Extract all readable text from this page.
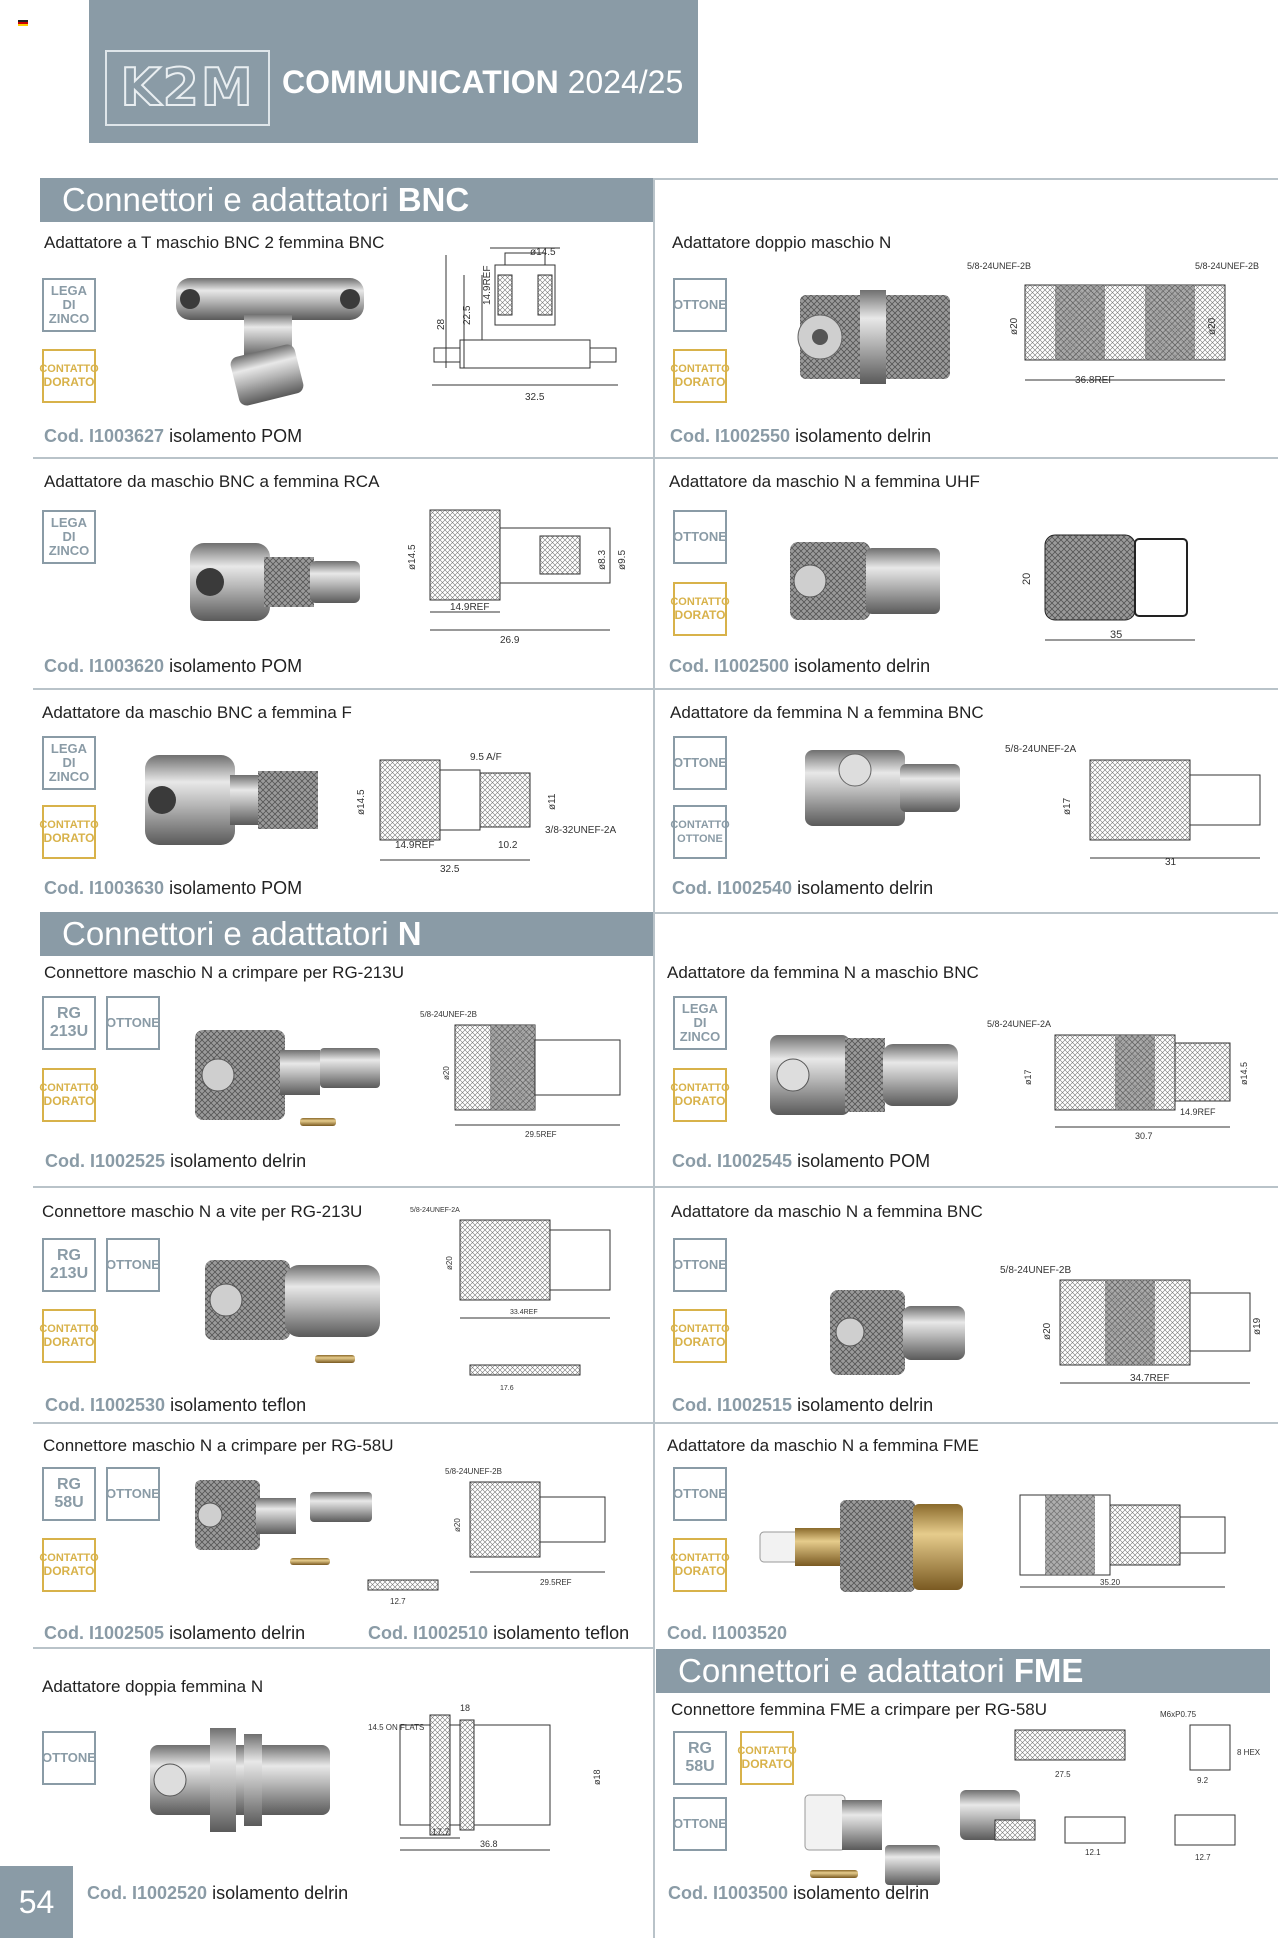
K2M COMMUNICATION 2024/25
Connettori e adattatori BNC
Connettori e adattatori N
Connettori e adattatori FME
Adattatore a T maschio BNC 2 femmina BNC
LEGA
DI
ZINCO
CONTATTO
DORATO
ø14.5
14.9REF
22.5
28
32.5
Cod. I1003627 isolamento POM
Adattatore doppio maschio N
OTTONE
CONTATTO
DORATO
5/8-24UNEF-2B	5/8-24UNEF-2B
ø20	ø20
36.8REF
Cod. I1002550 isolamento delrin
Adattatore da maschio BNC a femmina RCA
LEGA
DI
ZINCO	ø14.5
14.9REF
ø8.3 ø9.5
26.9
Cod. I1003620 isolamento POM
Adattatore da maschio N a femmina UHF
OTTONE
CONTATTO
DORATO
20
35
Cod. I1002500 isolamento delrin
Adattatore da maschio BNC a femmina F
LEGA
DI
ZINCO
CONTATTO
DORATO
9.5 A/F
ø14.5	ø11
3/8-32UNEF-2A
14.9REF	10.2
32.5
Cod. I1003630 isolamento POM
Adattatore da femmina N a femmina BNC
OTTONE
CONTATTO
OTTONE
5/8-24UNEF-2A
ø17
31
Cod. I1002540 isolamento delrin
Connettore maschio N a crimpare per RG-213U
RG
213U
OTTONE
CONTATTO
DORATO
5/8-24UNEF-2B
ø20
29.5REF
Cod. I1002525 isolamento delrin
Adattatore da femmina N a maschio BNC
LEGA
DI
ZINCO
CONTATTO
DORATO
5/8-24UNEF-2A
ø17	ø14.5
14.9REF
30.7
Cod. I1002545 isolamento POM
Connettore maschio N a vite per RG-213U
RG
213U
OTTONE
CONTATTO
DORATO
5/8-24UNEF-2A
ø20
33.4REF
17.6
Cod. I1002530 isolamento teflon
Adattatore da maschio N a femmina BNC
OTTONE
CONTATTO
DORATO
5/8-24UNEF-2B
ø20	ø19
34.7REF
Cod. I1002515 isolamento delrin
Connettore maschio N a crimpare per RG-58U
RG
58U
OTTONE
CONTATTO
DORATO
5/8-24UNEF-2B
ø20
29.5REF
12.7
Cod. I1002505 isolamento delrin	Cod. I1002510 isolamento teflon
Adattatore da maschio N a femmina FME
OTTONE
CONTATTO
DORATO
35.20
Cod. I1003520
Adattatore doppia femmina N
OTTONE
18
14.5 ON FLATS
ø18
17.7
36.8
Cod. I1002520 isolamento delrin
Connettore femmina FME a crimpare per RG-58U
RG
58U
CONTATTO
DORATO
OTTONE
M6xP0.75
27.5
9.2
8 HEX
12.1
12.7
Cod. I1003500 isolamento delrin
54
